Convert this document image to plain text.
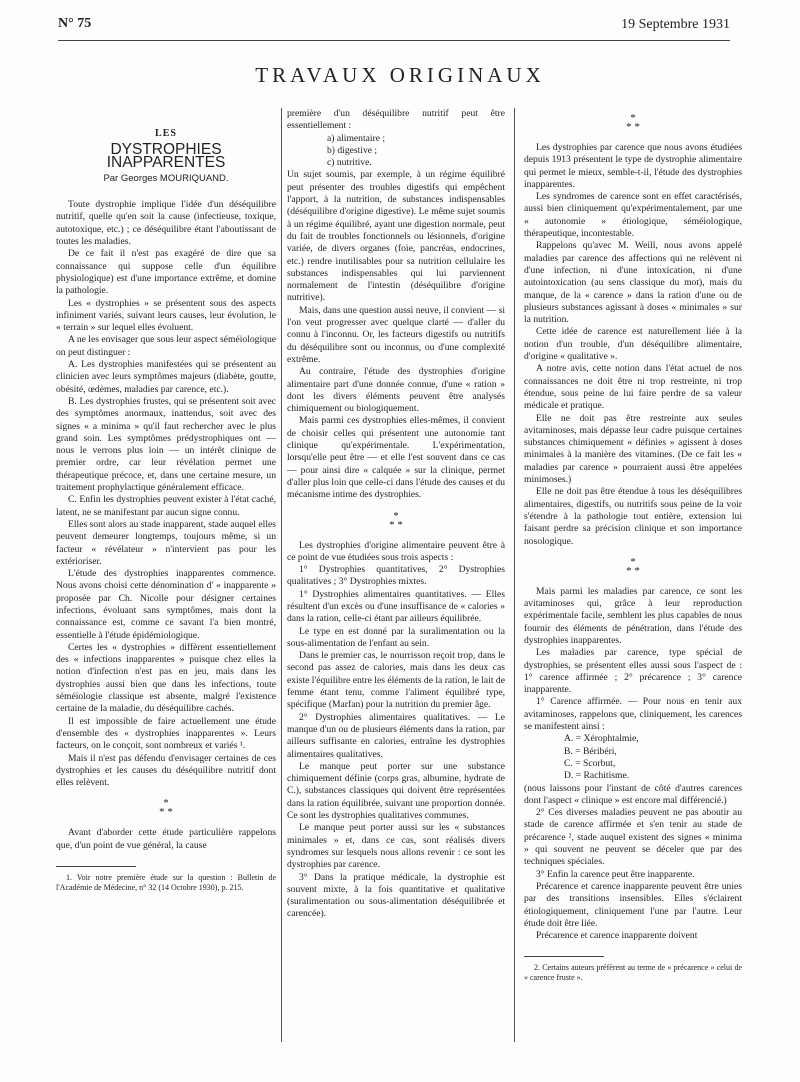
N° 75	19 Septembre 1931
TRAVAUX ORIGINAUX
LES
DYSTROPHIES INAPPARENTES
Par Georges MOURIQUAND.

Toute dystrophie implique l'idée d'un déséquilibre nutritif, quelle qu'en soit la cause (infectieuse, toxique, autotoxique, etc.) ; ce déséquilibre étant l'aboutissant de toutes les maladies.

De ce fait il n'est pas exagéré de dire que sa connaissance qui suppose celle d'un équilibre physiologique) est d'une importance extrême, et domine la pathologie.

Les « dystrophies » se présentent sous des aspects infiniment variés, suivant leurs causes, leur évolution, le « terrain » sur lequel elles évoluent.

A ne les envisager que sous leur aspect séméiologique on peut distinguer :

A. Les dystrophies manifestées qui se présentent au clinicien avec leurs symptômes majeurs (diabète, goutte, obésité, œdèmes, maladies par carence, etc.).

B. Les dystrophies frustes, qui se présentent soit avec des symptômes anormaux, inattendus, soit avec des signes « a minima » qu'il faut rechercher avec le plus grand soin. Les symptômes prédystrophiques ont — nous le verrons plus loin — un intérêt clinique de premier ordre, car leur révélation permet une thérapeutique précoce, et, dans une certaine mesure, un traitement prophylactique généralement efficace.

C. Enfin les dystrophies peuvent exister à l'état caché, latent, ne se manifestant par aucun signe connu.

Elles sont alors au stade inapparent, stade auquel elles peuvent demeurer longtemps, toujours même, si un facteur « révélateur » n'intervient pas pour les extérioriser.

L'étude des dystrophies inapparentes commence. Nous avons choisi cette dénomination d' « inapparente » proposée par Ch. Nicolle pour désigner certaines infections, évoluant sans symptômes, mais dont la connaissance est, comme ce savant l'a bien montré, essentielle à l'étude épidémiologique.

Certes les « dystrophies » diffèrent essentiellement des « infections inapparentes » puisque chez elles la notion d'infection n'est pas en jeu, mais dans les dystrophies aussi bien que dans les infections, toute séméiologie classique est absente, malgré l'existence certaine de la maladie, du déséquilibre cachés.

Il est impossible de faire actuellement une étude d'ensemble des « dystrophies inapparentes ». Leurs facteurs, on le conçoit, sont nombreux et variés ¹.

Mais il n'est pas défendu d'envisager certaines de ces dystrophies et les causes du déséquilibre nutritif dont elles relèvent.

*
* *

Avant d'aborder cette étude particulière rappelons que, d'un point de vue général, la cause

1. Voir notre première étude sur la question : Bulletin de l'Académie de Médecine, n° 32 (14 Octobre 1930), p. 215.

première d'un déséquilibre nutritif peut être essentiellement :

a) alimentaire ;
b) digestive ;
c) nutritive.

Un sujet soumis, par exemple, à un régime équilibré peut présenter des troubles digestifs qui empêchent l'apport, à la nutrition, de substances indispensables (déséquilibre d'origine digestive). Le même sujet soumis à un régime équilibré, ayant une digestion normale, peut du fait de troubles fonctionnels ou lésionnels, d'origine variée, de divers organes (foie, pancréas, endocrines, etc.) rendre inutilisables pour sa nutrition cellulaire les substances indispensables qui lui parviennent normalement de l'intestin (déséquilibre d'origine nutritive).

Mais, dans une question aussi neuve, il convient — si l'on veut progresser avec quelque clarté — d'aller du connu à l'inconnu. Or, les facteurs digestifs ou nutritifs du déséquilibre sont ou inconnus, ou d'une complexité extrême.

Au contraire, l'étude des dystrophies d'origine alimentaire part d'une donnée connue, d'une « ration » dont les divers éléments peuvent être analysés chimiquement ou biologiquement.

Mais parmi ces dystrophies elles-mêmes, il convient de choisir celles qui présentent une autonomie tant clinique qu'expérimentale. L'expérimentation, lorsqu'elle peut être — et elle l'est souvent dans ce cas — pour ainsi dire « calquée » sur la clinique, permet d'aller plus loin que celle-ci dans l'étude des causes et du mécanisme intime des dystrophies.

*
* *

Les dystrophies d'origine alimentaire peuvent être à ce point de vue étudiées sous trois aspects :

1° Dystrophies quantitatives, 2° Dystrophies qualitatives ; 3° Dystrophies mixtes.

1° Dystrophies alimentaires quantitatives. — Elles résultent d'un excès ou d'une insuffisance de « calories » dans la ration, celle-ci étant par ailleurs équilibrée.

Le type en est donné par la suralimentation ou la sous-alimentation de l'enfant au sein.

Dans le premier cas, le nourrisson reçoit trop, dans le second pas assez de calories, mais dans les deux cas existe l'équilibre entre les éléments de la ration, le lait de femme étant tenu, comme l'aliment équilibré type, spécifique (Marfan) pour la nutrition du premier âge.

2° Dystrophies alimentaires qualitatives. — Le manque d'un ou de plusieurs éléments dans la ration, par ailleurs suffisante en calories, entraîne les dystrophies alimentaires qualitatives.

Le manque peut porter sur une substance chimiquement définie (corps gras, albumine, hydrate de C.), substances classiques qui doivent être représentées dans la ration équilibrée, suivant une proportion donnée. Ce sont les dystrophies qualitatives communes.

Le manque peut porter aussi sur les « substances minimales » et, dans ce cas, sont réalisés divers syndromes sur lesquels nous allons revenir : ce sont les dystrophies par carence.

3° Dans la pratique médicale, la dystrophie est souvent mixte, à la fois quantitative et qualitative (suralimentation ou sous-alimentation déséquilibrée et carencée).

*
* *

Les dystrophies par carence que nous avons étudiées depuis 1913 présentent le type de dystrophie alimentaire qui permet le mieux, semble-t-il, l'étude des dystrophies inapparentes.

Les syndromes de carence sont en effet caractérisés, aussi bien cliniquement qu'expérimentalement, par une « autonomie » étiologique, séméiologique, thérapeutique, incontestable.

Rappelons qu'avec M. Weill, nous avons appelé maladies par carence des affections qui ne relèvent ni d'une infection, ni d'une intoxication, ni d'une autointoxication (au sens classique du mot), mais du manque, de la « carence » dans la ration d'une ou de plusieurs substances agissant à doses « minimales » sur la nutrition.

Cette idée de carence est naturellement liée à la notion d'un trouble, d'un déséquilibre alimentaire, d'origine « qualitative ».

A notre avis, cette notion dans l'état actuel de nos connaissances ne doit être ni trop restreinte, ni trop étendue, sous peine de lui faire perdre de sa valeur médicale et pratique.

Elle ne doit pas être restreinte aux seules avitaminoses, mais dépasse leur cadre puisque certaines substances chimiquement « définies » agissent à doses minimales à la manière des vitamines. (De ce fait les « maladies par carence » pourraient aussi être appelées minimoses.)

Elle ne doit pas être étendue à tous les déséquilibres alimentaires, digestifs, ou nutritifs sous peine de la voir s'étendre à la pathologie tout entière, extension lui faisant perdre sa précision clinique et son importance nosologique.

*
* *

Mais parmi les maladies par carence, ce sont les avitaminoses qui, grâce à leur reproduction expérimentale facile, semblent les plus capables de nous fournir des éléments de pénétration, dans l'étude des dystrophies inapparentes.

Les maladies par carence, type spécial de dystrophies, se présentent elles aussi sous l'aspect de : 1° carence affirmée ; 2° précarence ; 3° carence inapparente.

1° Carence affirmée. — Pour nous en tenir aux avitaminoses, rappelons que, cliniquement, les carences se manifestent ainsi :

A. = Xérophtalmie,
B. = Béribéri,
C. = Scorbut,
D. = Rachitisme.

(nous laissons pour l'instant de côté d'autres carences dont l'aspect « clinique » est encore mal différencié.)

2° Ces diverses maladies peuvent ne pas aboutir au stade de carence affirmée et s'en tenir au stade de précarence ², stade auquel existent des signes « minima » qui souvent ne peuvent se déceler que par des techniques spéciales.

3° Enfin la carence peut être inapparente.

Précarence et carence inapparente peuvent être unies par des transitions insensibles. Elles s'éclairent étiologiquement, cliniquement l'une par l'autre. Leur étude doit être liée.

Précarence et carence inapparente doivent

2. Certains auteurs préfèrent au terme de « précarence » celui de « carence fruste ».
